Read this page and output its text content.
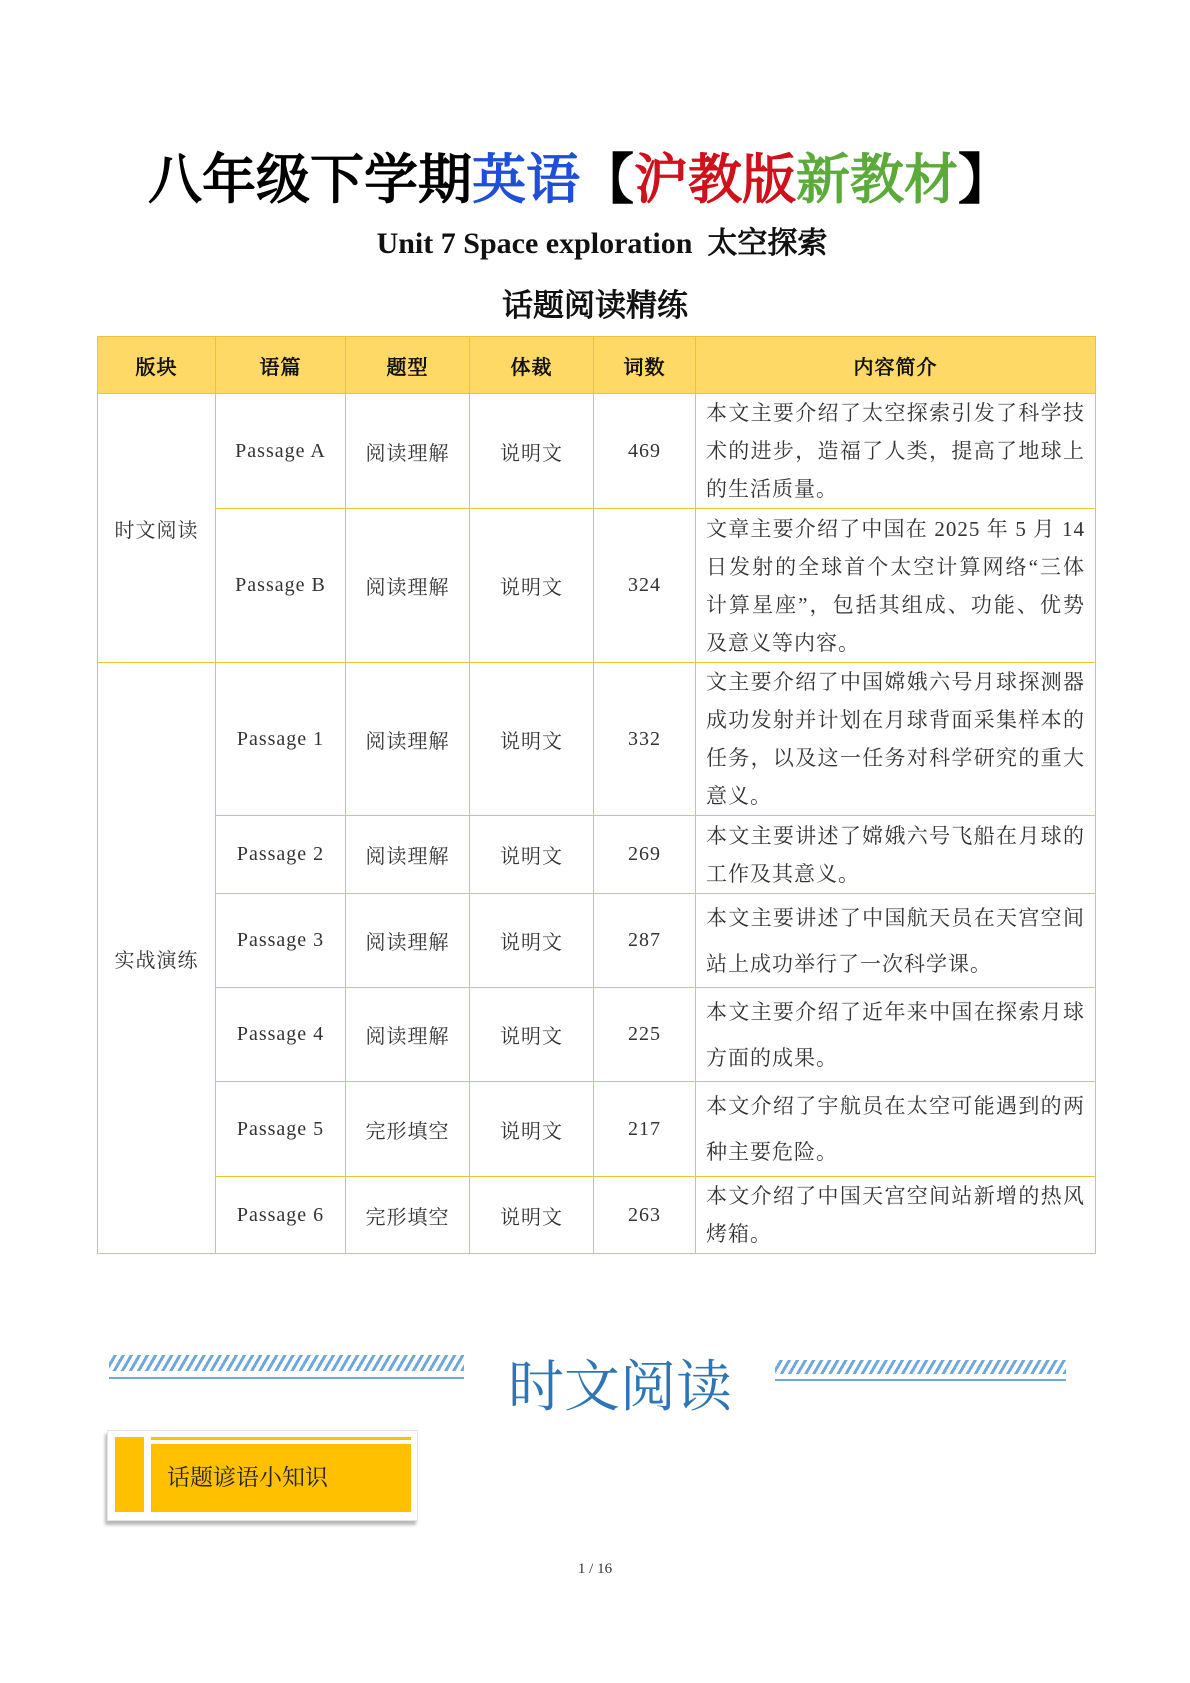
八年级下学期英语【沪教版新教材】
Unit 7 Space exploration  太空探索
话题阅读精练
版块	语篇	题型	体裁	词数	内容简介
时文阅读	Passage A	阅读理解	说明文	469	本文主要介绍了太空探索引发了科学技术的进步，造福了人类，提高了地球上的生活质量。
	Passage B	阅读理解	说明文	324	文章主要介绍了中国在 2025 年 5 月 14 日发射的全球首个太空计算网络“三体计算星座”，包括其组成、功能、优势及意义等内容。
实战演练	Passage 1	阅读理解	说明文	332	文主要介绍了中国嫦娥六号月球探测器成功发射并计划在月球背面采集样本的任务，以及这一任务对科学研究的重大意义。
	Passage 2	阅读理解	说明文	269	本文主要讲述了嫦娥六号飞船在月球的工作及其意义。
	Passage 3	阅读理解	说明文	287	本文主要讲述了中国航天员在天宫空间站上成功举行了一次科学课。
	Passage 4	阅读理解	说明文	225	本文主要介绍了近年来中国在探索月球方面的成果。
	Passage 5	完形填空	说明文	217	本文介绍了宇航员在太空可能遇到的两种主要危险。
	Passage 6	完形填空	说明文	263	本文介绍了中国天宫空间站新增的热风烤箱。
时文阅读
话题谚语小知识
1 / 16
